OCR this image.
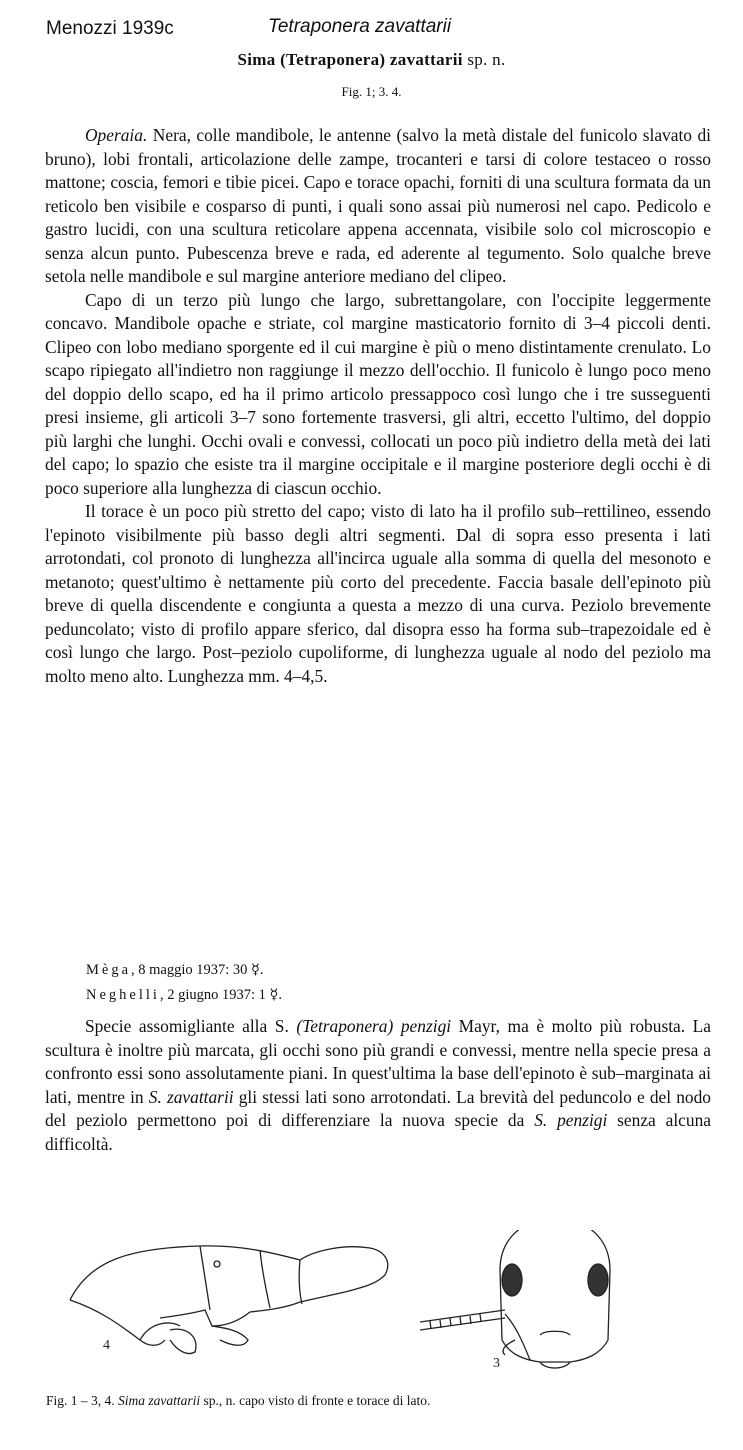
Menozzi 1939c	Tetraponera zavattarii
Sima (Tetraponera) zavattarii sp. n.
Fig. 1; 3. 4.

Operaia. Nera, colle mandibole, le antenne (salvo la metà distale del funicolo slavato di bruno), lobi frontali, articolazione delle zampe, trocanteri e tarsi di colore testaceo o rosso mattone; coscia, femori e tibie picei. Capo e torace opachi, forniti di una scultura formata da un reticolo ben visibile e cosparso di punti, i quali sono assai più numerosi nel capo. Pedicolo e gastro lucidi, con una scultura reticolare appena accennata, visibile solo col microscopio e senza alcun punto. Pubescenza breve e rada, ed aderente al tegumento. Solo qualche breve setola nelle mandibole e sul margine anteriore mediano del clipeo.

Capo di un terzo più lungo che largo, subrettangolare, con l'occipite leggermente concavo. Mandibole opache e striate, col margine masticatorio fornito di 3–4 piccoli denti. Clipeo con lobo mediano sporgente ed il cui margine è più o meno distintamente crenulato. Lo scapo ripiegato all'indietro non raggiunge il mezzo dell'occhio. Il funicolo è lungo poco meno del doppio dello scapo, ed ha il primo articolo pressappoco così lungo che i tre susseguenti presi insieme, gli articoli 3–7 sono fortemente trasversi, gli altri, eccetto l'ultimo, del doppio più larghi che lunghi. Occhi ovali e convessi, collocati un poco più indietro della metà dei lati del capo; lo spazio che esiste tra il margine occipitale e il margine posteriore degli occhi è di poco superiore alla lunghezza di ciascun occhio.

Il torace è un poco più stretto del capo; visto di lato ha il profilo sub–rettilineo, essendo l'epinoto visibilmente più basso degli altri segmenti. Dal di sopra esso presenta i lati arrotondati, col pronoto di lunghezza all'incirca uguale alla somma di quella del mesonoto e metanoto; quest'ultimo è nettamente più corto del precedente. Faccia basale dell'epinoto più breve di quella discendente e congiunta a questa a mezzo di una curva. Peziolo brevemente peduncolato; visto di profilo appare sferico, dal disopra esso ha forma sub–trapezoidale ed è così lungo che largo. Post–peziolo cupoliforme, di lunghezza uguale al nodo del peziolo ma molto meno alto. Lunghezza mm. 4–4,5.

Mèga, 8 maggio 1937: 30 ☿.
Neghelli, 2 giugno 1937: 1 ☿.

Specie assomigliante alla S. (Tetraponera) penzigi Mayr, ma è molto più robusta. La scultura è inoltre più marcata, gli occhi sono più grandi e convessi, mentre nella specie presa a confronto essi sono assolutamente piani. In quest'ultima la base dell'epinoto è sub–marginata ai lati, mentre in S. zavattarii gli stessi lati sono arrotondati. La brevità del peduncolo e del nodo del peziolo permettono poi di differenziare la nuova specie da S. penzigi senza alcuna difficoltà.

4
3
Fig. 1 – 3, 4. Sima zavattarii sp., n. capo visto di fronte e torace di lato.
